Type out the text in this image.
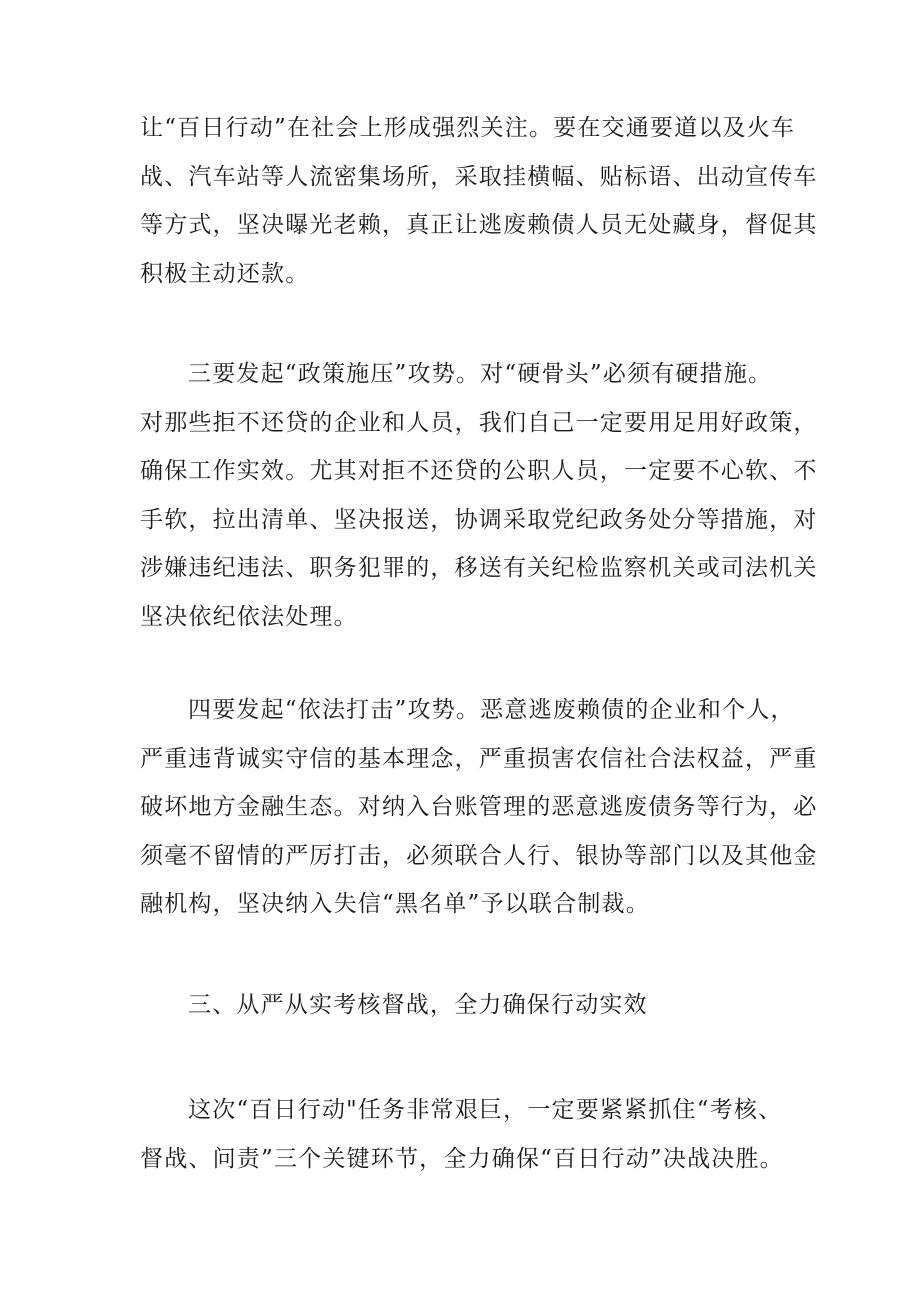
让“百日行动”在社会上形成强烈关注。要在交通要道以及火车
战、汽车站等人流密集场所，采取挂横幅、贴标语、出动宣传车
等方式，坚决曝光老赖，真正让逃废赖债人员无处藏身，督促其
积极主动还款。
三要发起“政策施压”攻势。对“硬骨头”必须有硬措施。
对那些拒不还贷的企业和人员，我们自己一定要用足用好政策，
确保工作实效。尤其对拒不还贷的公职人员，一定要不心软、不
手软，拉出清单、坚决报送，协调采取党纪政务处分等措施，对
涉嫌违纪违法、职务犯罪的，移送有关纪检监察机关或司法机关
坚决依纪依法处理。
四要发起“依法打击”攻势。恶意逃废赖债的企业和个人，
严重违背诚实守信的基本理念，严重损害农信社合法权益，严重
破坏地方金融生态。对纳入台账管理的恶意逃废债务等行为，必
须毫不留情的严厉打击，必须联合人行、银协等部门以及其他金
融机构，坚决纳入失信“黑名单”予以联合制裁。
三、从严从实考核督战，全力确保行动实效
这次“百日行动"任务非常艰巨，一定要紧紧抓住“考核、
督战、问责”三个关键环节，全力确保“百日行动”决战决胜。
